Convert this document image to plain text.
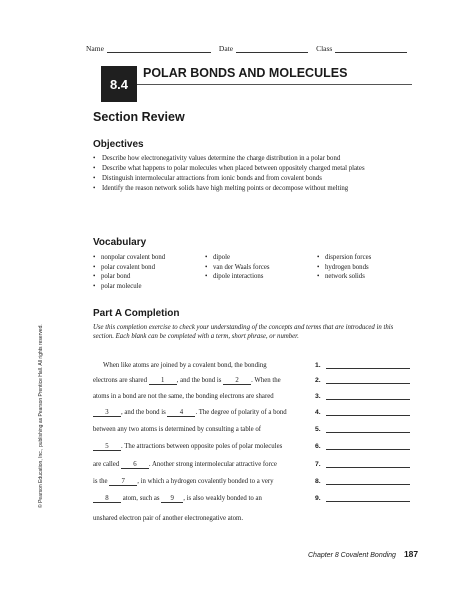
Name	Date	Class
8.4
POLAR BONDS AND MOLECULES
Section Review
Objectives
• Describe how electronegativity values determine the charge distribution in a polar bond
• Describe what happens to polar molecules when placed between oppositely charged metal plates
• Distinguish intermolecular attractions from ionic bonds and from covalent bonds
• Identify the reason network solids have high melting points or decompose without melting
Vocabulary
• nonpolar covalent bond	• dipole	• dispersion forces
• polar covalent bond	• van der Waals forces	• hydrogen bonds
• polar bond	• dipole interactions	• network solids
• polar molecule
Part A Completion
Use this completion exercise to check your understanding of the concepts and terms that are introduced in this section. Each blank can be completed with a term, short phrase, or number.
When like atoms are joined by a covalent bond, the bonding
electrons are shared 1 , and the bond is 2 . When the
atoms in a bond are not the same, the bonding electrons are shared
3 , and the bond is 4 . The degree of polarity of a bond
between any two atoms is determined by consulting a table of
5 . The attractions between opposite poles of polar molecules
are called 6 . Another strong intermolecular attractive force
is the 7 , in which a hydrogen covalently bonded to a very
8 atom, such as 9 , is also weakly bonded to an
unshared electron pair of another electronegative atom.
1.
2.
3.
4.
5.
6.
7.
8.
9.
© Pearson Education, Inc., publishing as Pearson Prentice Hall. All rights reserved.
Chapter 8 Covalent Bonding 187
